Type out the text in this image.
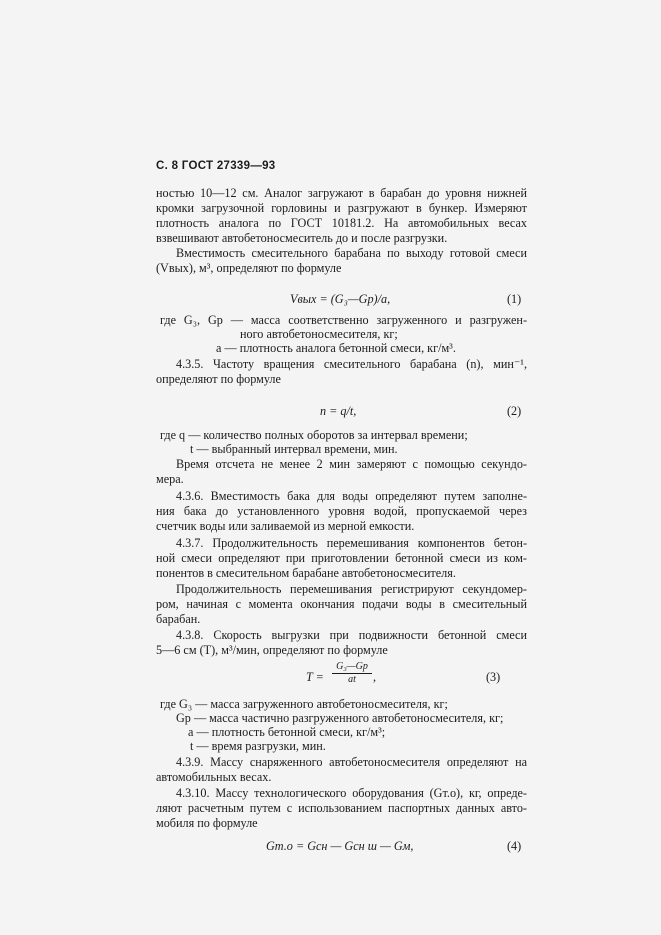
С. 8 ГОСТ 27339—93
ностью 10—12 см. Аналог загружают в барабан до уровня нижней
кромки загрузочной горловины и разгружают в бункер. Измеряют
плотность аналога по ГОСТ 10181.2. На автомобильных весах
взвешивают автобетоносмеситель до и после разгрузки.
Вместимость смесительного барабана по выходу готовой смеси
(Vвых), м³, определяют по формуле
Vвых = (G₃—Gр)/a,	(1)
где G₃, Gр — масса соответственно загруженного и разгружен-
ного автобетоносмесителя, кг;
a — плотность аналога бетонной смеси, кг/м³.
4.3.5. Частоту вращения смесительного барабана (n), мин⁻¹,
определяют по формуле
n = q/t,	(2)
где q — количество полных оборотов за интервал времени;
t — выбранный интервал времени, мин.
Время отсчета не менее 2 мин замеряют с помощью секундо-
мера.
4.3.6. Вместимость бака для воды определяют путем заполне-
ния бака до установленного уровня водой, пропускаемой через
счетчик воды или заливаемой из мерной емкости.
4.3.7. Продолжительность перемешивания компонентов бетон-
ной смеси определяют при приготовлении бетонной смеси из ком-
понентов в смесительном барабане автобетоносмесителя.
Продолжительность перемешивания регистрируют секундомер-
ром, начиная с момента окончания подачи воды в смесительный
барабан.
4.3.8. Скорость выгрузки при подвижности бетонной смеси
5—6 см (T), м³/мин, определяют по формуле
T =
G₃—Gр
at	,	(3)
где G₃ — масса загруженного автобетоносмесителя, кг;
Gр — масса частично разгруженного автобетоносмесителя, кг;
a — плотность бетонной смеси, кг/м³;
t — время разгрузки, мин.
4.3.9. Массу снаряженного автобетоносмесителя определяют на
автомобильных весах.
4.3.10. Массу технологического оборудования (Gт.о), кг, опреде-
ляют расчетным путем с использованием паспортных данных авто-
мобиля по формуле
Gт.о = Gсн — Gсн ш — Gм,	(4)
